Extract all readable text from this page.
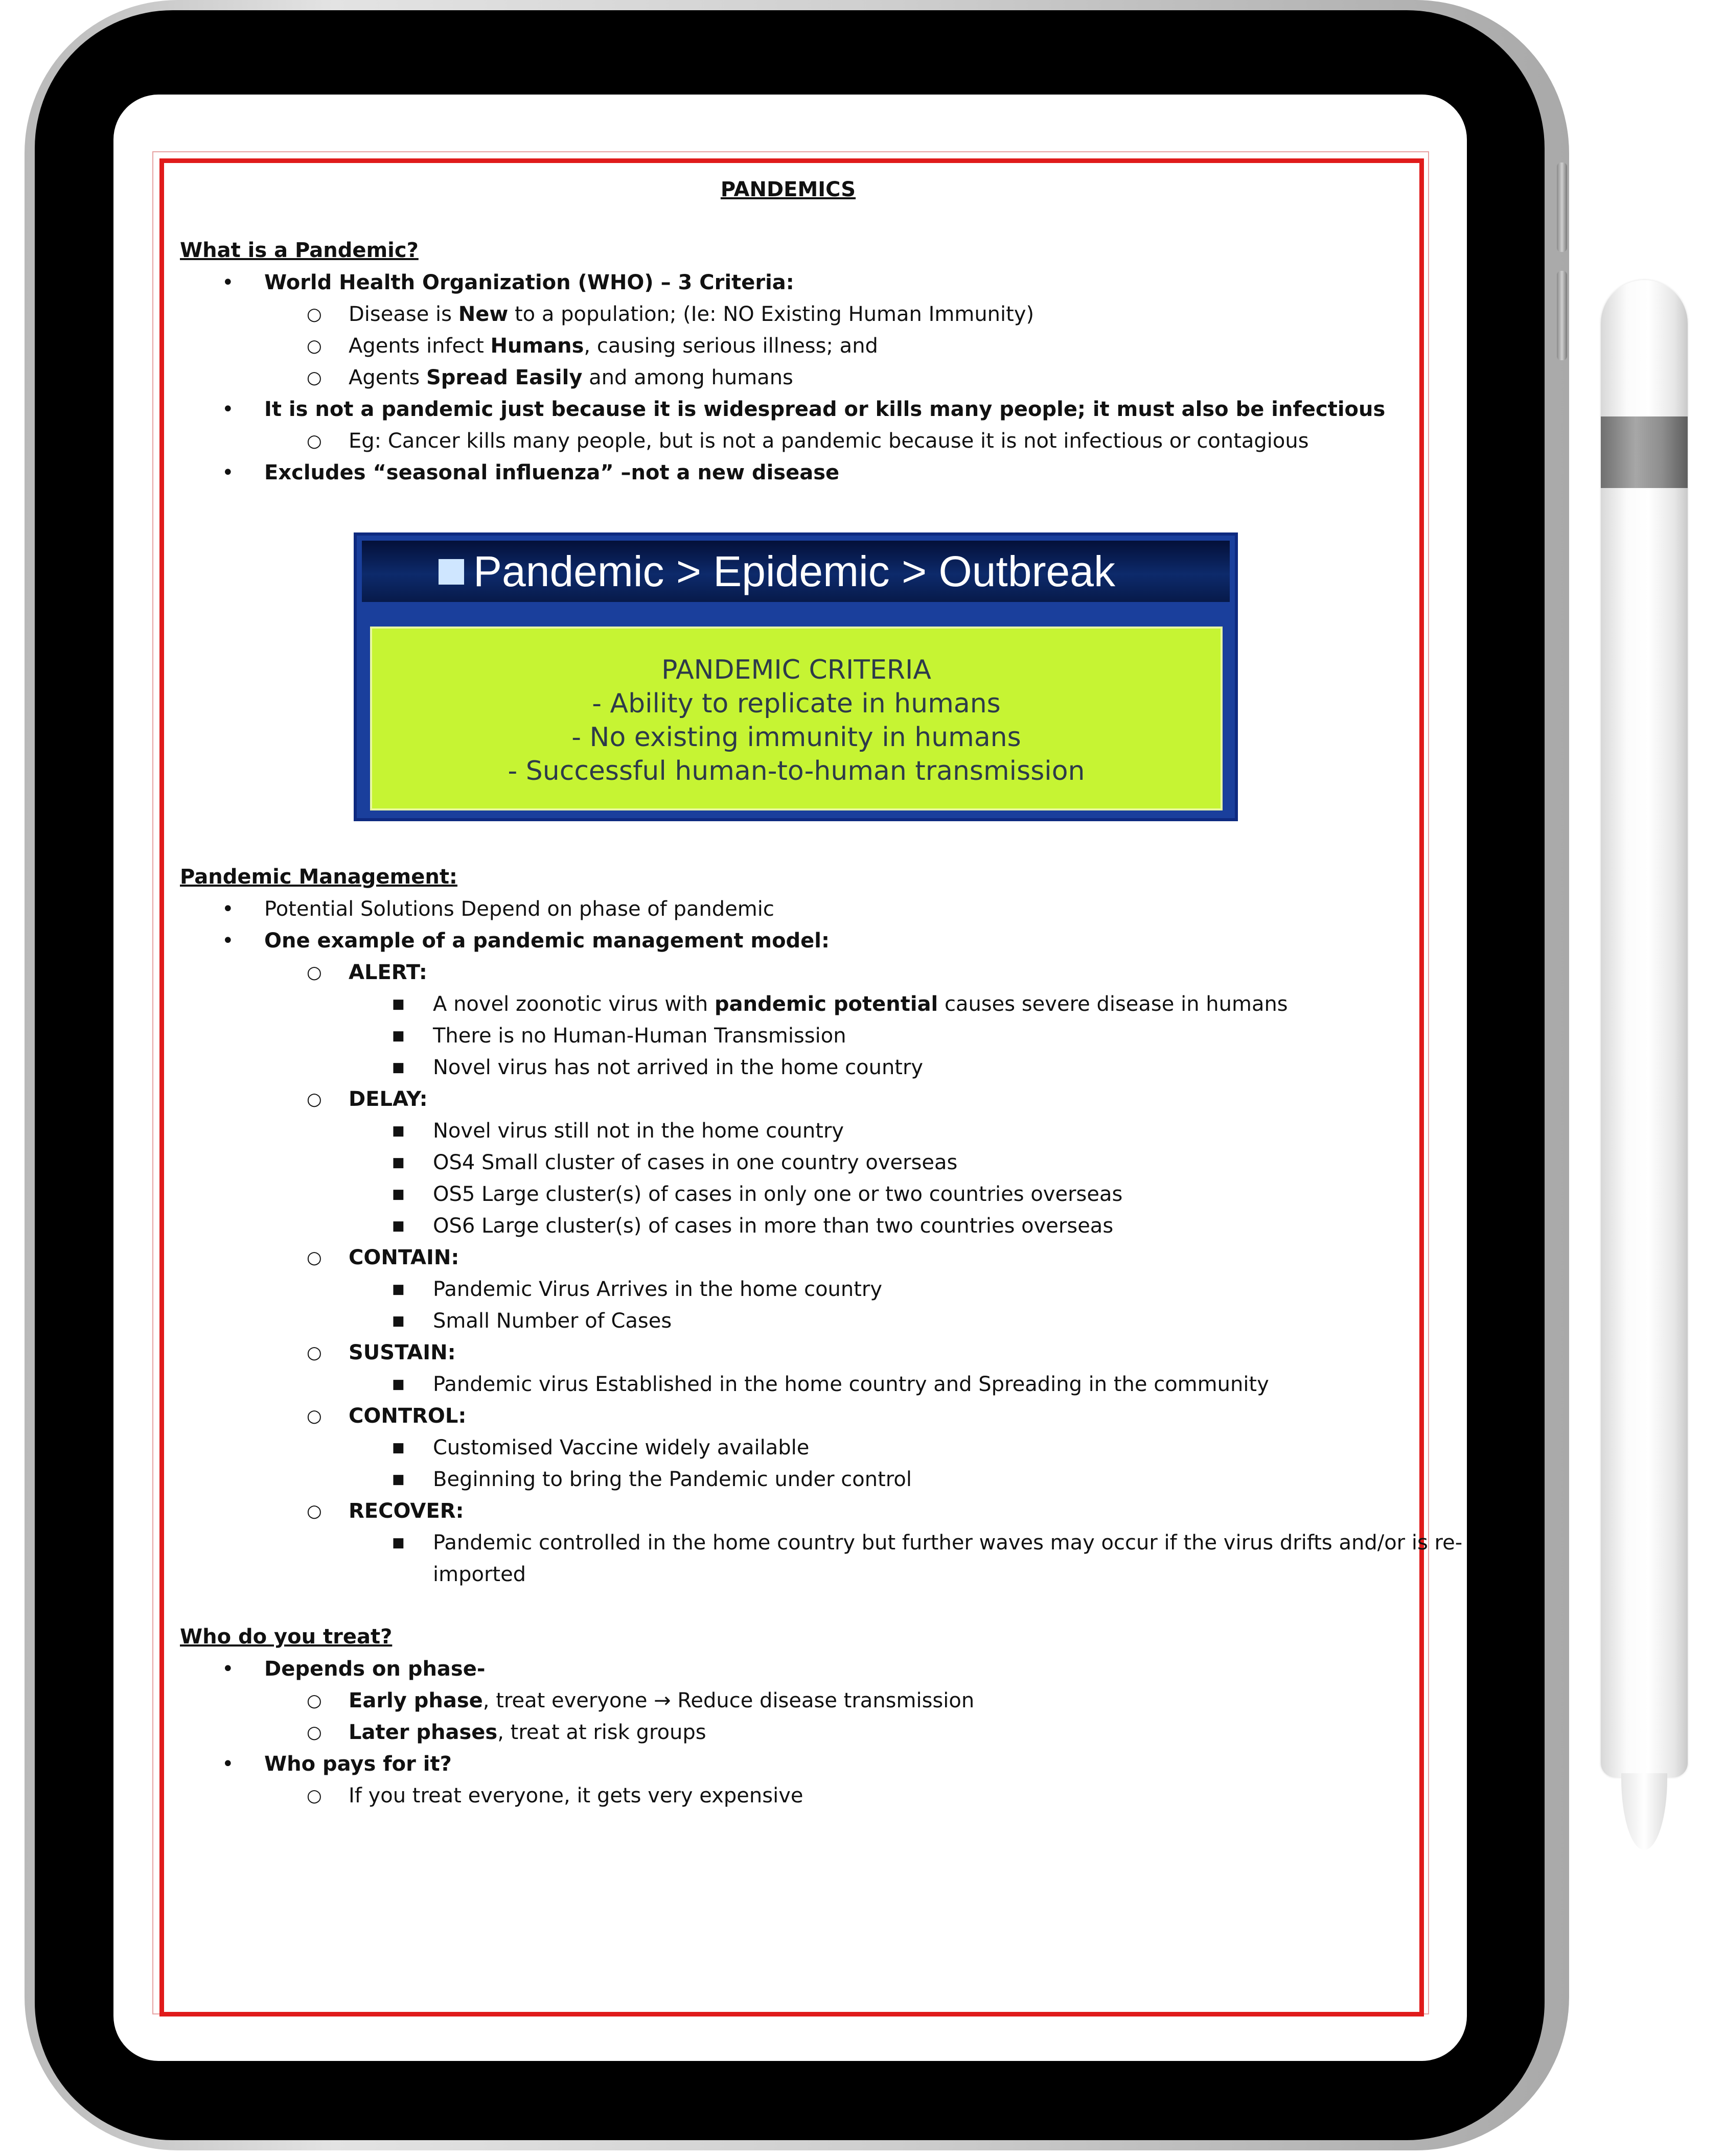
PANDEMICS
What is a Pandemic?
• World Health Organization (WHO) – 3 Criteria:
○ Disease is New to a population; (Ie: NO Existing Human Immunity)
○ Agents infect Humans, causing serious illness; and
○ Agents Spread Easily and among humans
• It is not a pandemic just because it is widespread or kills many people; it must also be infectious
○ Eg: Cancer kills many people, but is not a pandemic because it is not infectious or contagious
• Excludes “seasonal influenza” –not a new disease
Pandemic > Epidemic > Outbreak
PANDEMIC CRITERIA
- Ability to replicate in humans
- No existing immunity in humans
- Successful human-to-human transmission
Pandemic Management:
• Potential Solutions Depend on phase of pandemic
• One example of a pandemic management model:
○ ALERT:
■ A novel zoonotic virus with pandemic potential causes severe disease in humans
■ There is no Human-Human Transmission
■ Novel virus has not arrived in the home country
○ DELAY:
■ Novel virus still not in the home country
■ OS4 Small cluster of cases in one country overseas
■ OS5 Large cluster(s) of cases in only one or two countries overseas
■ OS6 Large cluster(s) of cases in more than two countries overseas
○ CONTAIN:
■ Pandemic Virus Arrives in the home country
■ Small Number of Cases
○ SUSTAIN:
■ Pandemic virus Established in the home country and Spreading in the community
○ CONTROL:
■ Customised Vaccine widely available
■ Beginning to bring the Pandemic under control
○ RECOVER:
■ Pandemic controlled in the home country but further waves may occur if the virus drifts and/or is re-imported
Who do you treat?
• Depends on phase-
○ Early phase, treat everyone → Reduce disease transmission
○ Later phases, treat at risk groups
• Who pays for it?
○ If you treat everyone, it gets very expensive
